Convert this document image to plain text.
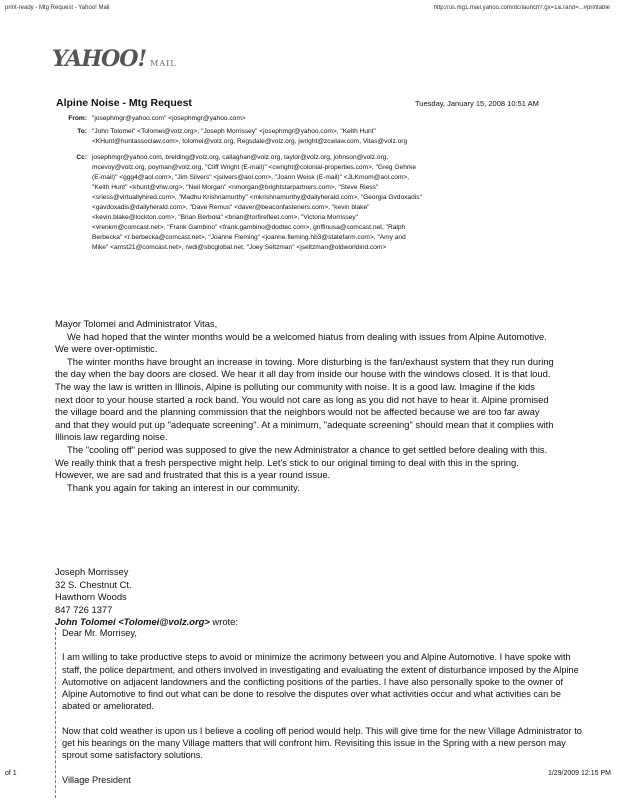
print-ready - Mtg Request - Yahoo! Mail	http://us.mg1.mail.yahoo.com/dc/launch?.gx=1&.rand=...#printable
YAHOO! MAIL
Alpine Noise - Mtg Request	Tuesday, January 15, 2008 10:51 AM
From: "josephmgr@yahoo.com" <josephmgr@yahoo.com>
To: "John Tolomei" <Tolomei@volz.org>, "Joseph Morrissey" <josephmgr@yahoo.com>, "Keith Hunt" <KHunt@huntassoclaw.com>, tolomei@volz.org, Regsdale@volz.org, jwright@zcwlaw.com, Vitas@volz.org
Cc: josephmgr@yahoo.com, brelding@volz.org, callaghan@volz.org, taylor@volz.org, johnson@volz.org, mcevoy@volz.org, poyman@volz.org, "Cliff Wright (E-mail)" <cwright@colonial-properties.com>, "Greg Gehrke (E-mail)" <ggg4@aol.com>, "Jim Silvers" <jsilvers@aol.com>, "Joann Weisk (E-mail)" <JLKmom@aol.com>, "Keith Hunt" <khunt@vhw.org>, "Neil Morgan" <nmorgan@brightstarpartners.com>, "Steve Riess" <sriess@virtuallyhired.com>, "Madhu Krishnamurthy" <mkrishnamurthy@dailyherald.com>, "Georgia Gvdoxadis" <gavdoxadis@dailyherald.com>, "Dave Remus" <daver@beaconfasteners.com>, "kevin blake" <kevin.blake@lockton.com>, "Brian Berbola" <brian@torfirefleet.com>, "Victoria Morrissey" <vrenkm@comcast.net>, "Frank Gambino" <frank.gambino@dodtec.com>, gnffinusa@comcast.net, "Ralph Berbecka" <r.berbecka@comcast.net>, "Joanne Fleming" <joanne.fleming.hb3@statefarm.com>, "Amy and Mike" <amst21@comcast.net>, rwdi@sbcglobal.net, "Joey Seltzman" <jseltzman@oldworldind.com>

Mayor Tolomei and Administrator Vitas,

We had hoped that the winter months would be a welcomed hiatus from dealing with issues from Alpine Automotive. We were over-optimistic.

The winter months have brought an increase in towing. More disturbing is the fan/exhaust system that they run during the day when the bay doors are closed. We hear it all day from inside our house with the windows closed. It is that loud. The way the law is written in Illinois, Alpine is polluting our community with noise. It is a good law. Imagine if the kids next door to your house started a rock band. You would not care as long as you did not have to hear it. Alpine promised the village board and the planning commission that the neighbors would not be affected because we are too far away and that they would put up "adequate screening". At a minimum, "adequate screening" should mean that it complies with Illinois law regarding noise.

The "cooling off" period was supposed to give the new Administrator a chance to get settled before dealing with this. We really think that a fresh perspective might help. Let's stick to our original timing to deal with this in the spring. However, we are sad and frustrated that this is a year round issue.

Thank you again for taking an interest in our community.

Joseph Morrissey
32 S. Chestnut Ct.
Hawthorn Woods
847 726 1377
John Tolomei <Tolomei@volz.org> wrote:

Dear Mr. Morrisey,

I am willing to take productive steps to avoid or minimize the acrimony between you and Alpine Automotive. I have spoke with staff, the police department, and others involved in investigating and evaluating the extent of disturbance imposed by the Alpine Automotive on adjacent landowners and the conflicting positions of the parties. I have also personally spoke to the owner of Alpine Automotive to find out what can be done to resolve the disputes over what activities occur and what activities can be abated or ameliorated.

Now that cold weather is upon us I believe a cooling off period would help. This will give time for the new Village Administrator to get his bearings on the many Village matters that will confront him. Revisiting this issue in the Spring with a new person may sprout some satisfactory solutions.

Village President

of 1	1/29/2009 12:15 PM
